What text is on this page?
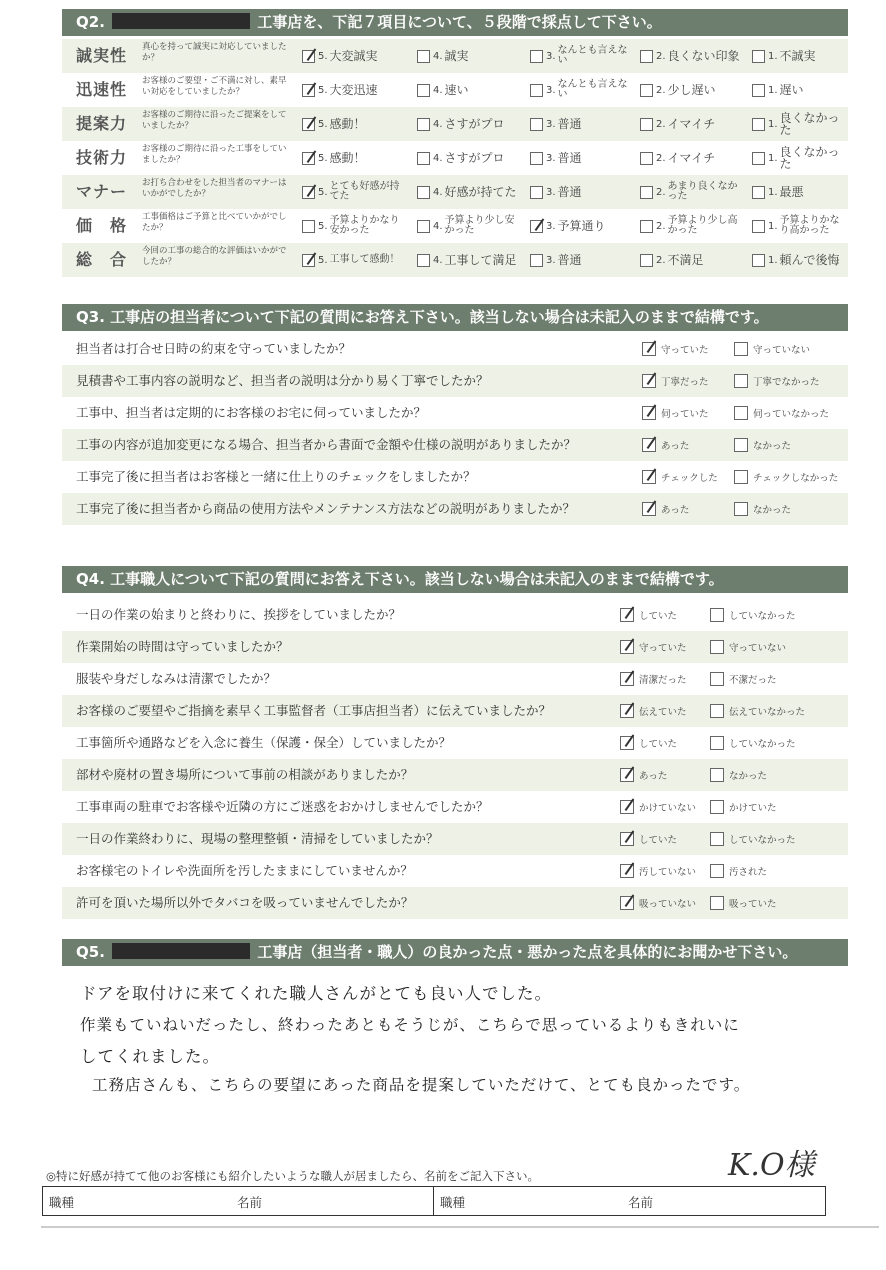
Q2.	工事店を、下記７項目について、５段階で採点して下さい。
誠実性	真心を持って誠実に対応していましたか？	5. 大変誠実	4. 誠実	3. なんとも言えない	2. 良くない印象	1. 不誠実
迅速性	お客様のご要望・ご不満に対し、素早い対応をしていましたか？	5. 大変迅速	4. 速い	3. なんとも言えない	2. 少し遅い	1. 遅い
提案力	お客様のご期待に沿ったご提案をしていましたか？	5. 感動！	4. さすがプロ	3. 普通	2. イマイチ	1. 良くなかった
技術力	お客様のご期待に沿った工事をしていましたか？	5. 感動！	4. さすがプロ	3. 普通	2. イマイチ	1. 良くなかった
マナー	お打ち合わせをした担当者のマナーはいかがでしたか？	5. とても好感が持てた	4. 好感が持てた	3. 普通	2. あまり良くなかった	1. 最悪
価　格	工事価格はご予算と比べていかがでしたか？	5. 予算よりかなり安かった	4. 予算より少し安かった	3. 予算通り	2. 予算より少し高かった	1. 予算よりかなり高かった
総　合	今回の工事の総合的な評価はいかがでしたか？	5. 工事して感動！	4. 工事して満足	3. 普通	2. 不満足	1. 頼んで後悔
Q3. 工事店の担当者について下記の質問にお答え下さい。該当しない場合は未記入のままで結構です。
担当者は打合せ日時の約束を守っていましたか？	守っていた	守っていない
見積書や工事内容の説明など、担当者の説明は分かり易く丁寧でしたか？	丁寧だった	丁寧でなかった
工事中、担当者は定期的にお客様のお宅に伺っていましたか？	伺っていた	伺っていなかった
工事の内容が追加変更になる場合、担当者から書面で金額や仕様の説明がありましたか？	あった	なかった
工事完了後に担当者はお客様と一緒に仕上りのチェックをしましたか？	チェックした	チェックしなかった
工事完了後に担当者から商品の使用方法やメンテナンス方法などの説明がありましたか？	あった	なかった
Q4. 工事職人について下記の質問にお答え下さい。該当しない場合は未記入のままで結構です。
一日の作業の始まりと終わりに、挨拶をしていましたか？	していた	していなかった
作業開始の時間は守っていましたか？	守っていた	守っていない
服装や身だしなみは清潔でしたか？	清潔だった	不潔だった
お客様のご要望やご指摘を素早く工事監督者（工事店担当者）に伝えていましたか？	伝えていた	伝えていなかった
工事箇所や通路などを入念に養生（保護・保全）していましたか？	していた	していなかった
部材や廃材の置き場所について事前の相談がありましたか？	あった	なかった
工事車両の駐車でお客様や近隣の方にご迷惑をおかけしませんでしたか？	かけていない	かけていた
一日の作業終わりに、現場の整理整頓・清掃をしていましたか？	していた	していなかった
お客様宅のトイレや洗面所を汚したままにしていませんか？	汚していない	汚された
許可を頂いた場所以外でタバコを吸っていませんでしたか？	吸っていない	吸っていた
Q5.	工事店（担当者・職人）の良かった点・悪かった点を具体的にお聞かせ下さい。
ドアを取付けに来てくれた職人さんがとても良い人でした。
作業もていねいだったし、終わったあともそうじが、こちらで思っているよりもきれいに
してくれました。
工務店さんも、こちらの要望にあった商品を提案していただけて、とても良かったです。
K.O様
◎特に好感が持てて他のお客様にも紹介したいような職人が居ましたら、名前をご記入下さい。
職種	名前	職種	名前
